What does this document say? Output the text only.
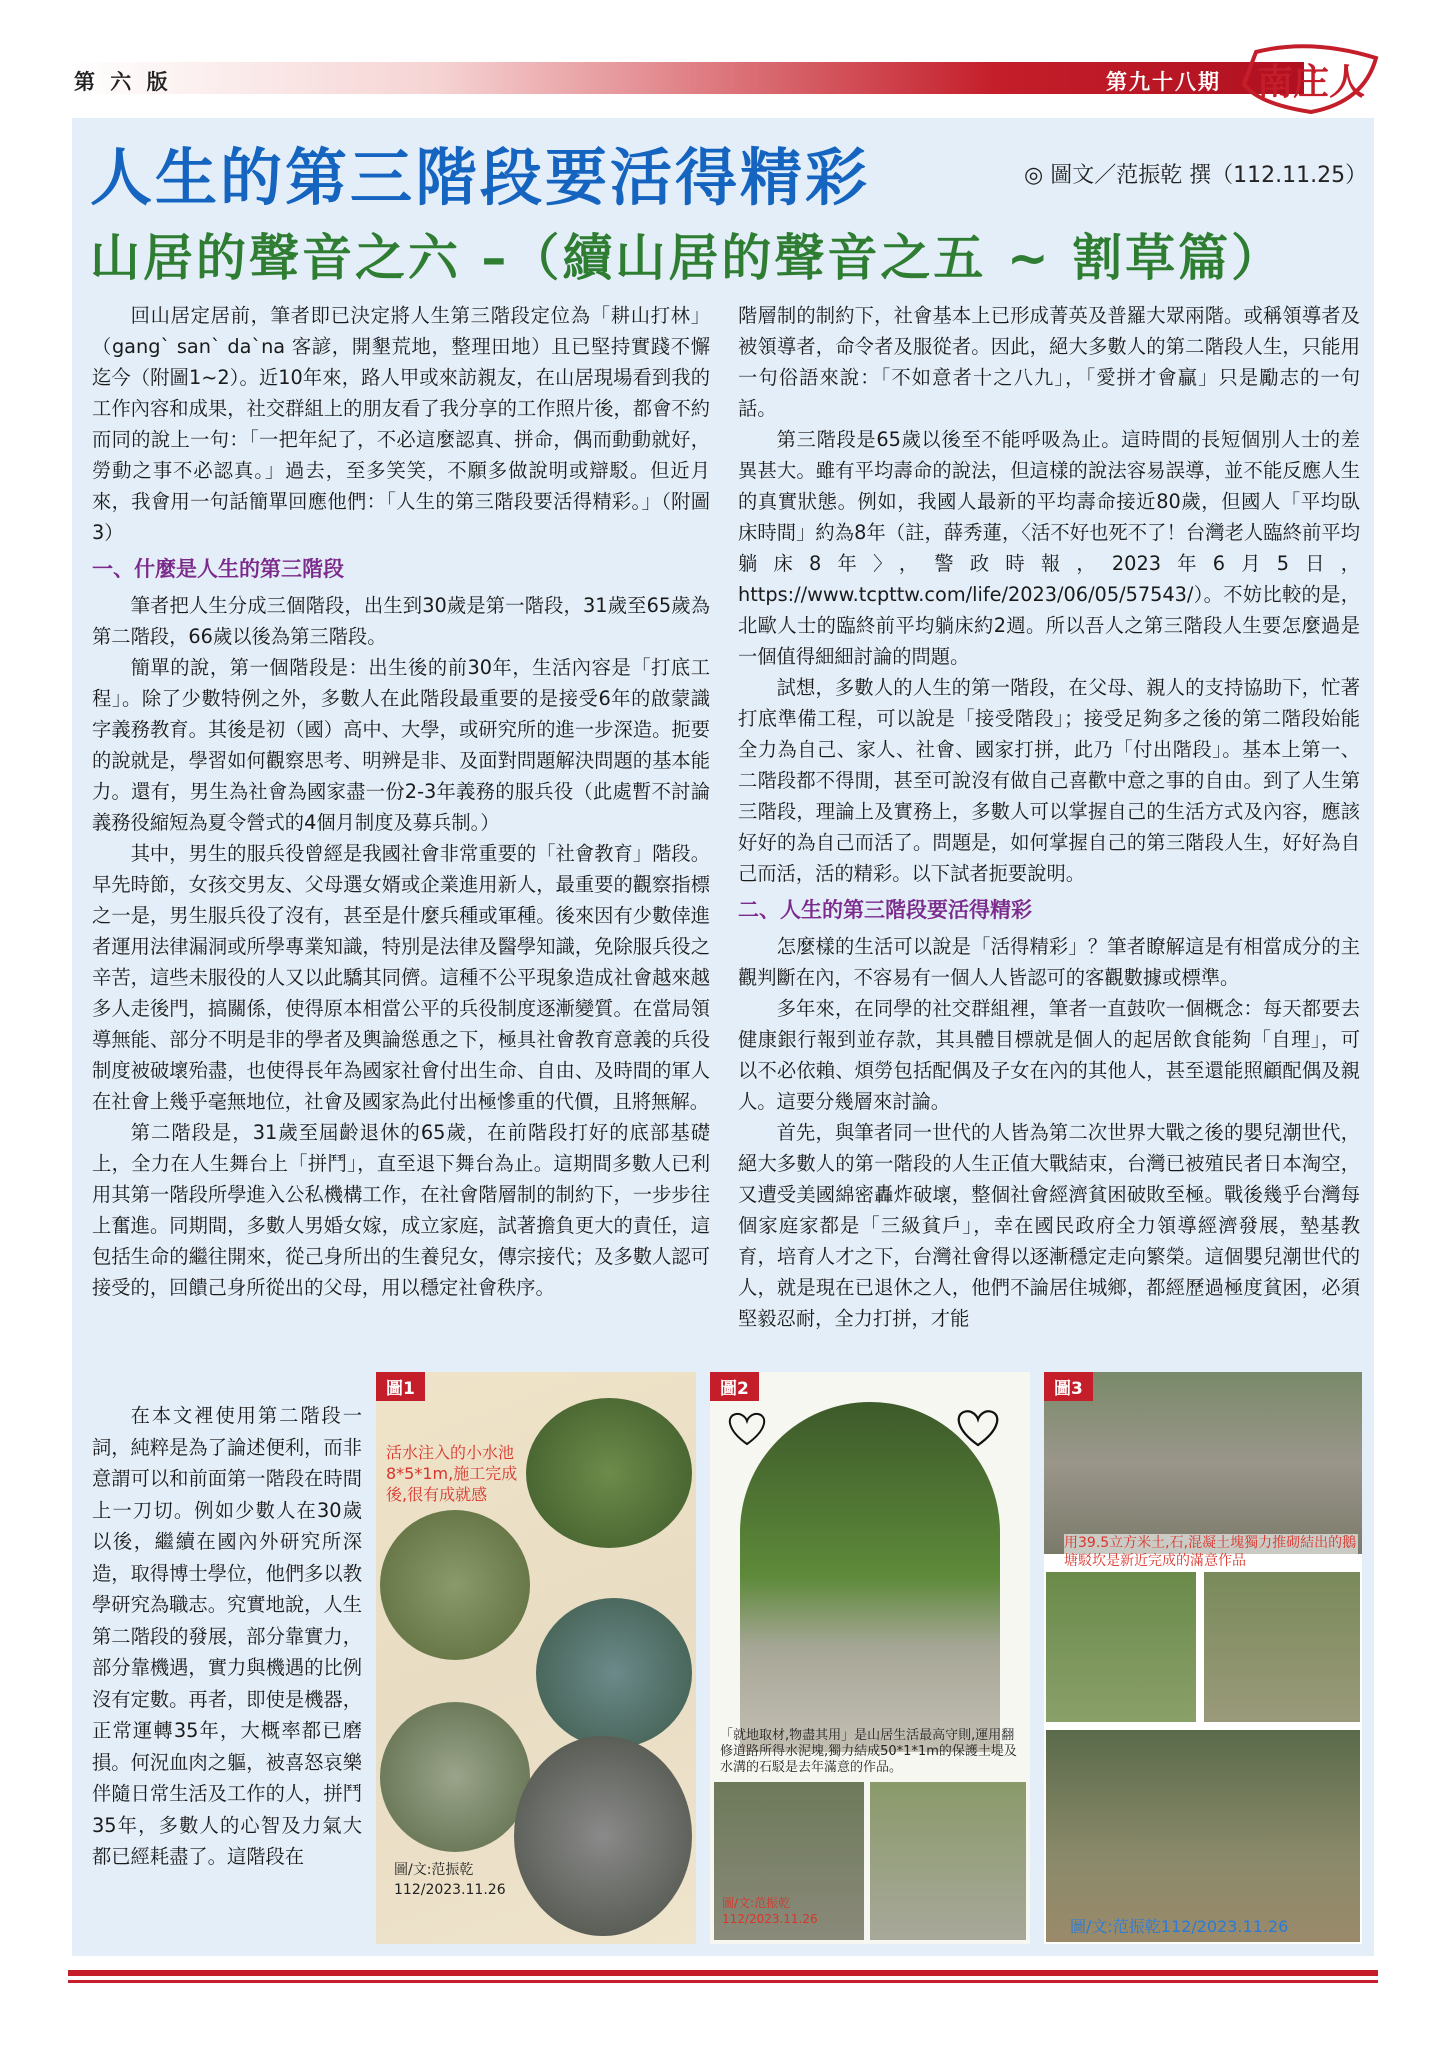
第 六 版	第九十八期 南庄人
人生的第三階段要活得精彩	◎ 圖文／范振乾 撰（112.11.25）
山居的聲音之六 –（續山居的聲音之五 ~ 割草篇）

回山居定居前，筆者即已決定將人生第三階段定位為「耕山打林」（gang` san` da`na 客諺，開墾荒地，整理田地）且已堅持實踐不懈迄今（附圖1~2）。近10年來，路人甲或來訪親友，在山居現場看到我的工作內容和成果，社交群組上的朋友看了我分享的工作照片後，都會不約而同的說上一句：「一把年紀了，不必這麼認真、拼命，偶而動動就好，勞動之事不必認真。」過去，至多笑笑，不願多做說明或辯駁。但近月來，我會用一句話簡單回應他們：「人生的第三階段要活得精彩。」（附圖3）

一、什麼是人生的第三階段

筆者把人生分成三個階段，出生到30歲是第一階段，31歲至65歲為第二階段，66歲以後為第三階段。

簡單的說，第一個階段是：出生後的前30年，生活內容是「打底工程」。除了少數特例之外，多數人在此階段最重要的是接受6年的啟蒙識字義務教育。其後是初（國）高中、大學，或研究所的進一步深造。扼要的說就是，學習如何觀察思考、明辨是非、及面對問題解決問題的基本能力。還有，男生為社會為國家盡一份2-3年義務的服兵役（此處暫不討論義務役縮短為夏令營式的4個月制度及募兵制。）

其中，男生的服兵役曾經是我國社會非常重要的「社會教育」階段。早先時節，女孩交男友、父母選女婿或企業進用新人，最重要的觀察指標之一是，男生服兵役了沒有，甚至是什麼兵種或軍種。後來因有少數倖進者運用法律漏洞或所學專業知識，特別是法律及醫學知識，免除服兵役之辛苦，這些未服役的人又以此驕其同儕。這種不公平現象造成社會越來越多人走後門，搞關係，使得原本相當公平的兵役制度逐漸變質。在當局領導無能、部分不明是非的學者及輿論慫恿之下，極具社會教育意義的兵役制度被破壞殆盡，也使得長年為國家社會付出生命、自由、及時間的軍人在社會上幾乎毫無地位，社會及國家為此付出極慘重的代價，且將無解。

第二階段是，31歲至屆齡退休的65歲，在前階段打好的底部基礎上，全力在人生舞台上「拼鬥」，直至退下舞台為止。這期間多數人已利用其第一階段所學進入公私機構工作，在社會階層制的制約下，一步步往上奮進。同期間，多數人男婚女嫁，成立家庭，試著擔負更大的責任，這包括生命的繼往開來，從己身所出的生養兒女，傳宗接代；及多數人認可接受的，回饋己身所從出的父母，用以穩定社會秩序。

在本文裡使用第二階段一詞，純粹是為了論述便利，而非意謂可以和前面第一階段在時間上一刀切。例如少數人在30歲以後，繼續在國內外研究所深造，取得博士學位，他們多以教學研究為職志。究實地說，人生第二階段的發展，部分靠實力，部分靠機遇，實力與機遇的比例沒有定數。再者，即使是機器，正常運轉35年，大概率都已磨損。何況血肉之軀，被喜怒哀樂伴隨日常生活及工作的人，拼鬥35年，多數人的心智及力氣大都已經耗盡了。這階段在

階層制的制約下，社會基本上已形成菁英及普羅大眾兩階。或稱領導者及被領導者，命令者及服從者。因此，絕大多數人的第二階段人生，只能用一句俗語來說：「不如意者十之八九」，「愛拼才會贏」只是勵志的一句話。

第三階段是65歲以後至不能呼吸為止。這時間的長短個別人士的差異甚大。雖有平均壽命的說法，但這樣的說法容易誤導，並不能反應人生的真實狀態。例如，我國人最新的平均壽命接近80歲，但國人「平均臥床時間」約為8年（註，薛秀蓮，〈活不好也死不了！台灣老人臨終前平均躺床8年〉，警政時報，2023年6月5日，https://www.tcpttw.com/life/2023/06/05/57543/）。不妨比較的是，北歐人士的臨終前平均躺床約2週。所以吾人之第三階段人生要怎麼過是一個值得細細討論的問題。

試想，多數人的人生的第一階段，在父母、親人的支持協助下，忙著打底準備工程，可以說是「接受階段」；接受足夠多之後的第二階段始能全力為自己、家人、社會、國家打拼，此乃「付出階段」。基本上第一、二階段都不得閒，甚至可說沒有做自己喜歡中意之事的自由。到了人生第三階段，理論上及實務上，多數人可以掌握自己的生活方式及內容，應該好好的為自己而活了。問題是，如何掌握自己的第三階段人生，好好為自己而活，活的精彩。以下試者扼要說明。

二、人生的第三階段要活得精彩

怎麼樣的生活可以說是「活得精彩」？筆者瞭解這是有相當成分的主觀判斷在內，不容易有一個人人皆認可的客觀數據或標準。

多年來，在同學的社交群組裡，筆者一直鼓吹一個概念：每天都要去健康銀行報到並存款，其具體目標就是個人的起居飲食能夠「自理」，可以不必依賴、煩勞包括配偶及子女在內的其他人，甚至還能照顧配偶及親人。這要分幾層來討論。

首先，與筆者同一世代的人皆為第二次世界大戰之後的嬰兒潮世代，絕大多數人的第一階段的人生正值大戰結束，台灣已被殖民者日本淘空，又遭受美國綿密轟炸破壞，整個社會經濟貧困破敗至極。戰後幾乎台灣每個家庭家都是「三級貧戶」，幸在國民政府全力領導經濟發展，墊基教育，培育人才之下，台灣社會得以逐漸穩定走向繁榮。這個嬰兒潮世代的人，就是現在已退休之人，他們不論居住城鄉，都經歷過極度貧困，必須堅毅忍耐，全力打拼，才能

圖1
活水注入的小水池8*5*1m,施工完成後,很有成就感
圖/文:范振乾
112/2023.11.26
「就地取材,物盡其用」是山居生活最高守則,運用翻修道路所得水泥塊,獨力結成50*1*1m的保護土堤及水溝的石駁是去年滿意的作品。
圖/文:范振乾
112/2023.11.26
圖2	圖3
用39.5立方米土,石,混凝土塊獨力推砌結出的鵝塘駁坎是新近完成的滿意作品
圖/文:范振乾112/2023.11.26
